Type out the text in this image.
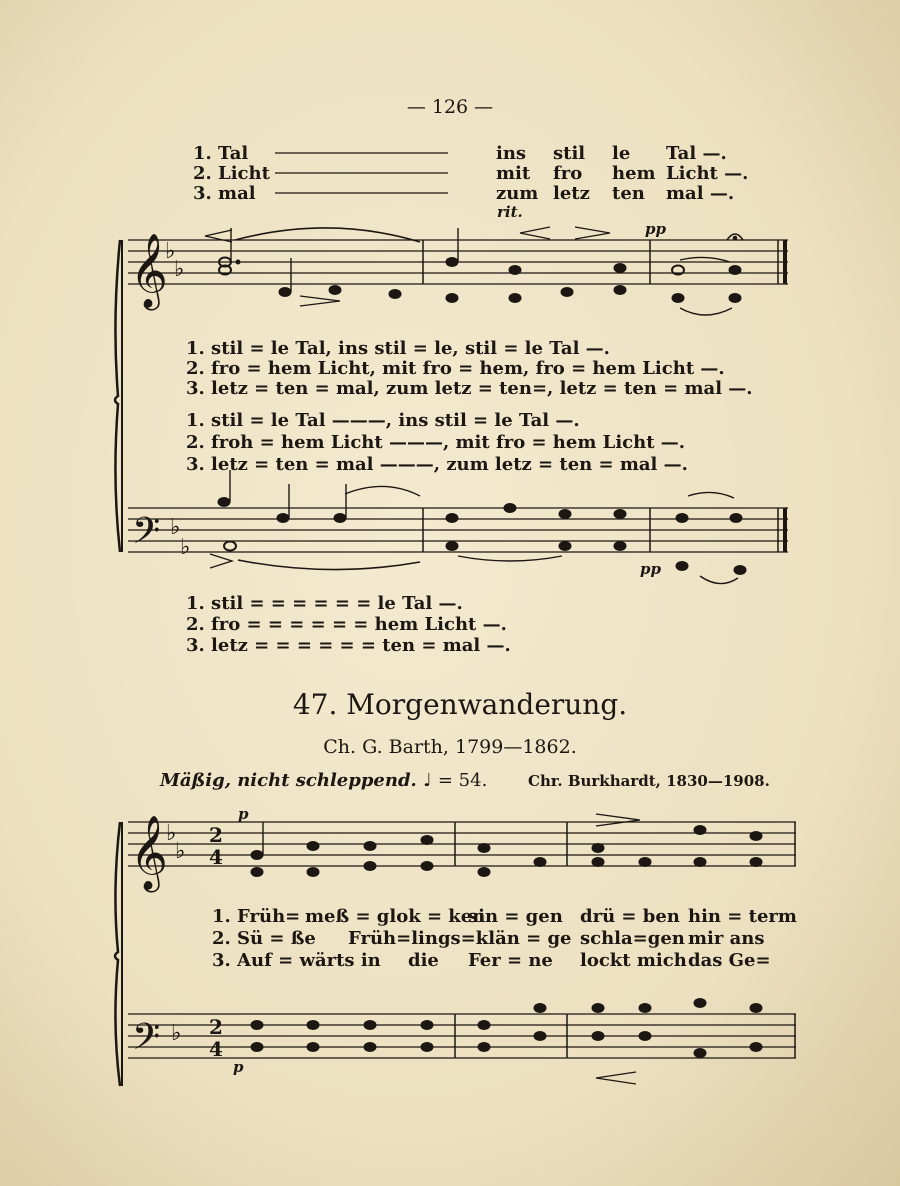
— 126 —
1. Tal
2. Licht
3. mal
ins
mit
zum
stil
fro
letz
le
hem
ten
Tal —.
Licht —.
mal —.
rit.
pp
1. stil = le Tal, ins stil = le, stil = le Tal —.
2. fro = hem Licht, mit fro = hem, fro = hem Licht —.
3. letz = ten = mal, zum letz = ten=, letz = ten = mal —.
1. stil = le Tal ———, ins stil = le Tal —.
2. froh = hem Licht ———, mit fro = hem Licht —.
3. letz = ten = mal ———, zum letz = ten = mal —.
pp
1. stil = = = = = = le Tal —.
2. fro = = = = = = hem Licht —.
3. letz = = = = = = ten = mal —.
47. Morgenwanderung.
Ch. G. Barth, 1799—1862.
Mäßig, nicht schleppend. ♩ = 54.	Chr. Burkhardt, 1830—1908.
p
p
1. Früh= meß = glok = ken
sin = gen drü = ben hin = term
2. Sü = ße Früh=lings=klän = ge schla=gen mir ans
3. Auf = wärts in die Fer = ne lockt mich das Ge=
𝄞
♭
♭
𝄢 ♭
♭
𝄞
♭
♭
2
4
𝄢 ♭ 2
4
